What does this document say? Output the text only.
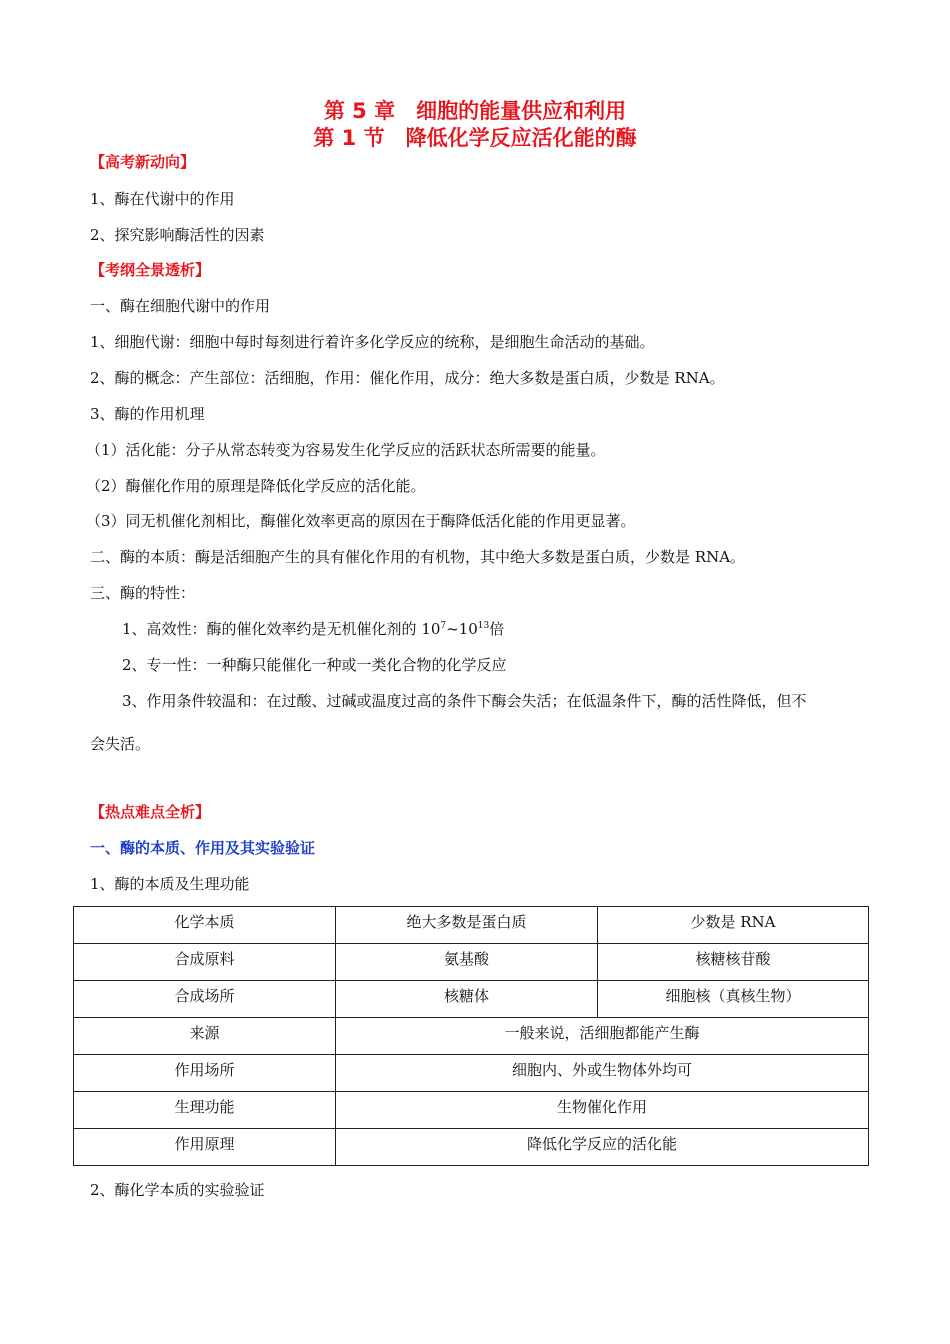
第 5 章　细胞的能量供应和利用
第 1 节　降低化学反应活化能的酶
【高考新动向】
1、酶在代谢中的作用
2、探究影响酶活性的因素
【考纲全景透析】
一、酶在细胞代谢中的作用
1、细胞代谢：细胞中每时每刻进行着许多化学反应的统称，是细胞生命活动的基础。
2、酶的概念：产生部位：活细胞，作用：催化作用，成分：绝大多数是蛋白质，少数是 RNA。
3、酶的作用机理
（1）活化能：分子从常态转变为容易发生化学反应的活跃状态所需要的能量。
（2）酶催化作用的原理是降低化学反应的活化能。
（3）同无机催化剂相比，酶催化效率更高的原因在于酶降低活化能的作用更显著。
二、酶的本质：酶是活细胞产生的具有催化作用的有机物，其中绝大多数是蛋白质，少数是 RNA。
三、酶的特性：
1、高效性：酶的催化效率约是无机催化剂的 $10^7\sim 10^{13}$倍
2、专一性：一种酶只能催化一种或一类化合物的化学反应
3、作用条件较温和：在过酸、过碱或温度过高的条件下酶会失活；在低温条件下，酶的活性降低，但不
会失活。
【热点难点全析】
一、酶的本质、作用及其实验验证
1、酶的本质及生理功能
化学本质	绝大多数是蛋白质	少数是 RNA
合成原料	氨基酸	核糖核苷酸
合成场所	核糖体	细胞核（真核生物）
来源	一般来说，活细胞都能产生酶	
作用场所	细胞内、外或生物体外均可	
生理功能	生物催化作用	
作用原理	降低化学反应的活化能	
2、酶化学本质的实验验证
